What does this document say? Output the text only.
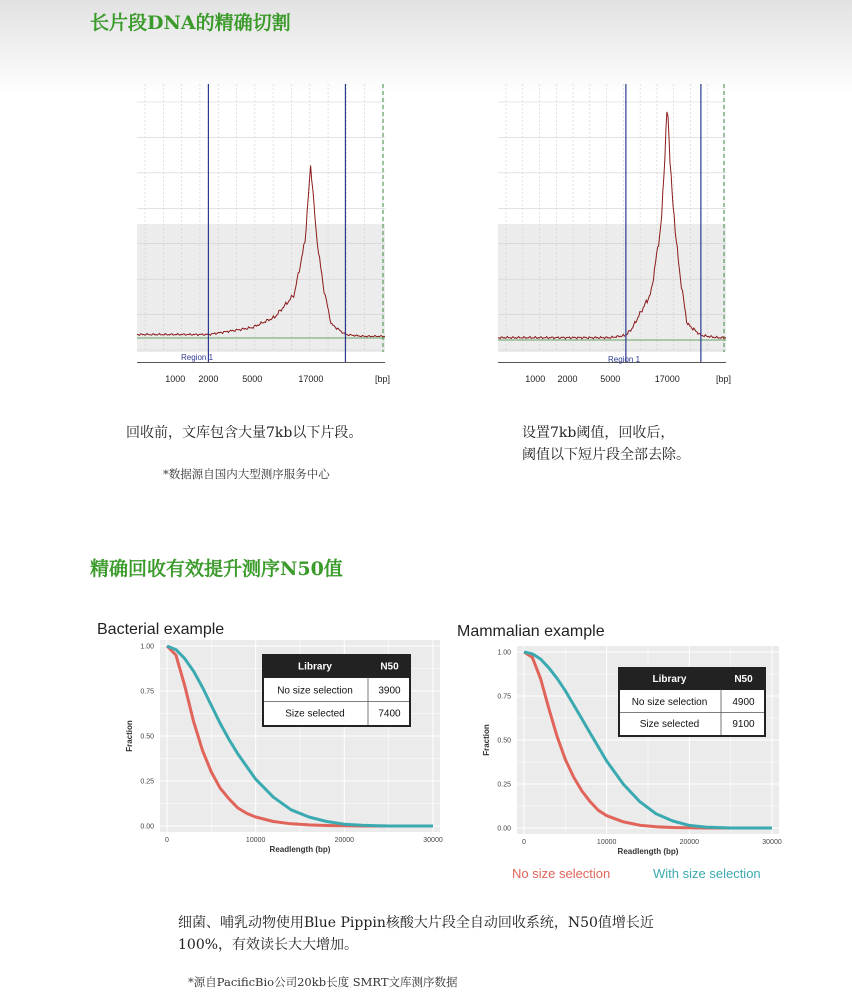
长片段DNA的精确切割
Region 1
1000 2000	5000	17000	[bp]
Region 1
1000 2000	5000	17000	[bp]

回收前，文库包含大量7kb以下片段。	设置7kb阈值，回收后，
阈值以下短片段全部去除。

*数据源自国内大型测序服务中心

精确回收有效提升测序N50值
Bacterial example
0.00
0.25
0.50
0.75
1.00
0	10000	20000	30000
Readlength (bp)
Fraction
Library	N50
No size selection	3900
Size selected	7400
Mammalian example
0.00
0.25
0.50
0.75
1.00
0	10000	20000	30000
Readlength (bp)
Fraction
Library	N50
No size selection	4900
Size selected	9100
No size selection	With size selection

细菌、哺乳动物使用Blue Pippin核酸大片段全自动回收系统，N50值增长近
100%，有效读长大大增加。

*源自PacificBio公司20kb长度 SMRT文库测序数据
